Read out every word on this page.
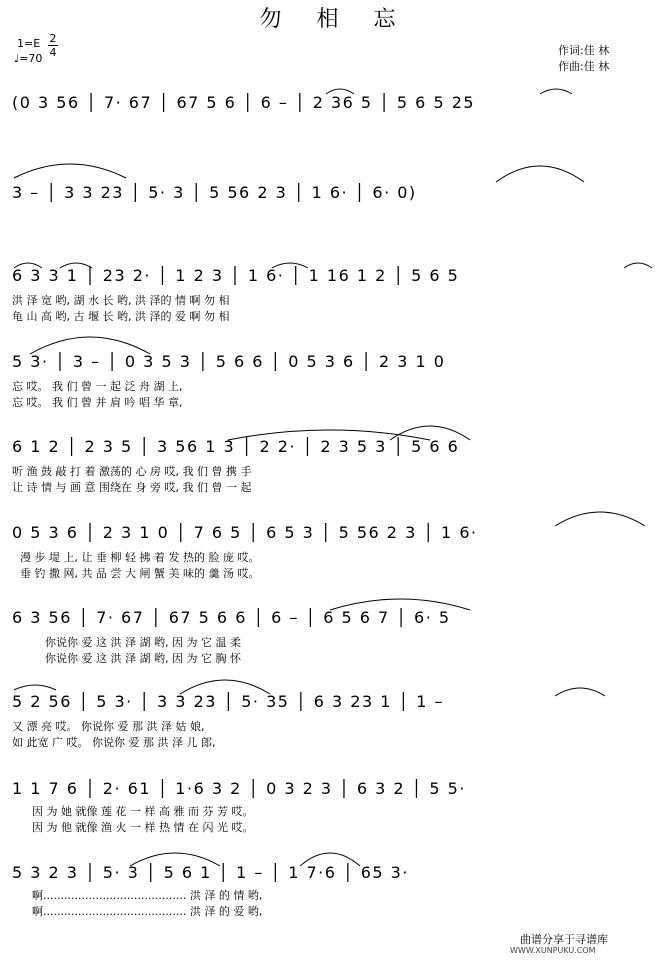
勿 相 忘
1=E 2
4
♩=70
作词:佳 林
作曲:佳 林
(0 3 56 │ 7· 67 │ 67 5 6 │ 6 – │ 2 36 5 │ 5 6 5 25
3 – │ 3 3 23 │ 5· 3 │ 5 56 2 3 │ 1 6· │ 6· 0)
6 3 3 1 │ 23 2· │ 1 2 3 │ 1 6· │ 1 16 1 2 │ 5 6 5
洪 泽 宽 哟, 湖 水 长 哟, 洪 泽的 情 啊 勿 相
龟 山 高 哟, 古 堰 长 哟, 洪 泽的 爱 啊 勿 相
5 3· │ 3 – │ 0 3 5 3 │ 5 6 6 │ 0 5 3 6 │ 2 3 1 0
忘 哎。 我 们 曾 一 起 泛 舟 湖 上,
忘 哎。 我 们 曾 并 肩 吟 唱 华 章,
6 1 2 │ 2 3 5 │ 3 56 1 3 │ 2 2· │ 2 3 5 3 │ 5 6 6
听 渔 鼓 敲 打 着 激荡的 心 房 哎, 我 们 曾 携 手
让 诗 情 与 画 意 围绕在 身 旁 哎, 我 们 曾 一 起
0 5 3 6 │ 2 3 1 0 │ 7 6 5 │ 6 5 3 │ 5 56 2 3 │ 1 6·
漫 步 堤 上, 让 垂 柳 轻 拂 着 发 热的 脸 庞 哎。
垂 钓 撒 网, 共 品 尝 大 闸 蟹 美 味的 羹 汤 哎。
6 3 56 │ 7· 67 │ 67 5 6 6 │ 6 – │ 6 5 6 7 │ 6· 5
你说你 爱 这 洪 泽 湖 哟, 因 为 它 温 柔
你说你 爱 这 洪 泽 湖 哟, 因 为 它 胸 怀
5 2 56 │ 5 3· │ 3 3 23 │ 5· 35 │ 6 3 23 1 │ 1 –
又 漂 亮 哎。 你说你 爱 那 洪 泽 姑 娘,
如 此宽 广 哎。 你说你 爱 那 洪 泽 儿 郎,
1 1 7 6 │ 2· 61 │ 1·6 3 2 │ 0 3 2 3 │ 6 3 2 │ 5 5·
因 为 她 就像 莲 花 一 样 高 雅 而 芬 芳 哎。
因 为 他 就像 渔 火 一 样 热 情 在 闪 光 哎。
5 3 2 3 │ 5· 3 │ 5 6 1 │ 1 – │ 1 7·6 │ 65 3·
啊......................................... 洪 泽 的 情 哟,
啊......................................... 洪 泽 的 爱 哟,
曲谱分享于寻谱库
WWW.XUNPUKU.COM
